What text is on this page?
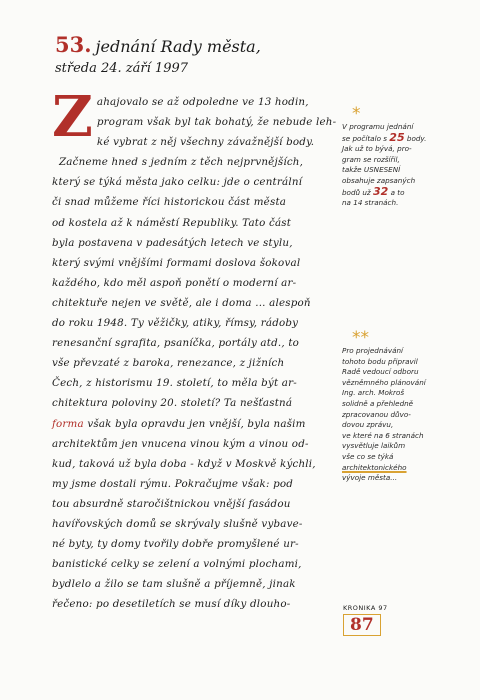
53. jednání Rady města,
středa 24. září 1997
Z ahajovalo se až odpoledne ve 13 hodin,
program však byl tak bohatý, že nebude leh-
ké vybrat z něj všechny závažnější body.
Začneme hned s jedním z těch nejprvnějších,
který se týká města jako celku: jde o centrální
či snad můžeme říci historickou část města
od kostela až k náměstí Republiky. Tato část
byla postavena v padesátých letech ve stylu,
který svými vnějšími formami doslova šokoval
každého, kdo měl aspoň ponětí o moderní ar-
chitektuře nejen ve světě, ale i doma ... alespoň
do roku 1948. Ty věžičky, atiky, římsy, rádoby
renesanční sgrafita, psaníčka, portály atd., to
vše převzaté z baroka, renezance, z jižních
Čech, z historismu 19. století, to měla být ar-
chitektura poloviny 20. století? Ta nešťastná
forma však byla opravdu jen vnější, byla našim
architektům jen vnucena vinou kým a vinou od-
kud, taková už byla doba - když v Moskvě kýchli,
my jsme dostali rýmu. Pokračujme však: pod
tou absurdně staročištnickou vnější fasádou
havířovských domů se skrývaly slušně vybave-
né byty, ty domy tvořily dobře promyšlené ur-
banistické celky se zelení a volnými plochami,
bydlelo a žilo se tam slušně a příjemně, jinak
řečeno: po desetiletích se musí díky dlouho-
*
V programu jednání
se počítalo s 25 body.
Jak už to bývá, pro-
gram se rozšířil,
takže USNESENÍ
obsahuje zapsaných
bodů už 32 a to
na 14 stranách.
**
Pro projednávání
tohoto bodu připravil
Radě vedoucí odboru
vězněmného plánování
Ing. arch. Mokroš
solidně a přehledně
zpracovanou důvo-
dovou zprávu,
ve které na 6 stranách
vysvětluje laikům
vše co se týká
architektonického
vývoje města...
KRONIKA 97
87
